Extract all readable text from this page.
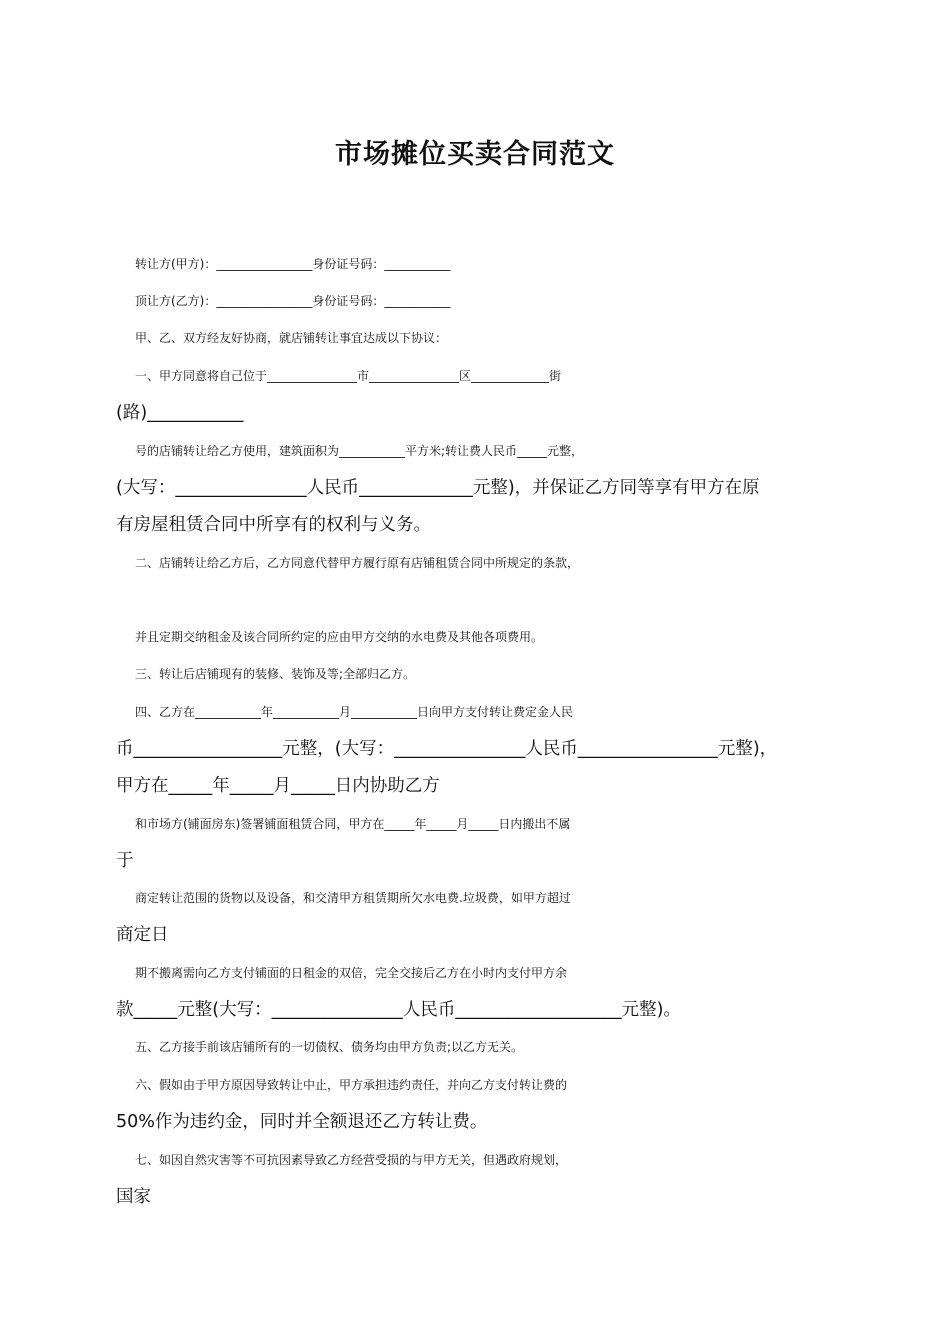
市场摊位买卖合同范文
转让方(甲方)：________________身份证号码：___________
顶让方(乙方)：________________身份证号码：___________
甲、乙、双方经友好协商，就店铺转让事宜达成以下协议：
一、甲方同意将自己位于_______________市_______________区_____________街
(路)___________
号的店铺转让给乙方使用，建筑面积为___________平方米;转让费人民币_____元整，
(大写：_______________人民币_____________元整)，并保证乙方同等享有甲方在原
有房屋租赁合同中所享有的权利与义务。
二、店铺转让给乙方后，乙方同意代替甲方履行原有店铺租赁合同中所规定的条款，
并且定期交纳租金及该合同所约定的应由甲方交纳的水电费及其他各项费用。
三、转让后店铺现有的装修、装饰及等;全部归乙方。
四、乙方在___________年___________月___________日向甲方支付转让费定金人民
币_________________元整，(大写：_______________人民币________________元整)，
甲方在_____年_____月_____日内协助乙方
和市场方(铺面房东)签署铺面租赁合同，甲方在_____年_____月_____日内搬出不属
于
商定转让范围的货物以及设备，和交清甲方租赁期所欠水电费.垃圾费，如甲方超过
商定日
期不搬离需向乙方支付铺面的日租金的双倍，完全交接后乙方在小时内支付甲方余
款_____元整(大写：_______________人民币___________________元整)。
五、乙方接手前该店铺所有的一切债权、债务均由甲方负责;以乙方无关。
六、假如由于甲方原因导致转让中止，甲方承担违约责任，并向乙方支付转让费的
50%作为违约金，同时并全额退还乙方转让费。
七、如因自然灾害等不可抗因素导致乙方经营受损的与甲方无关，但遇政府规划，
国家
